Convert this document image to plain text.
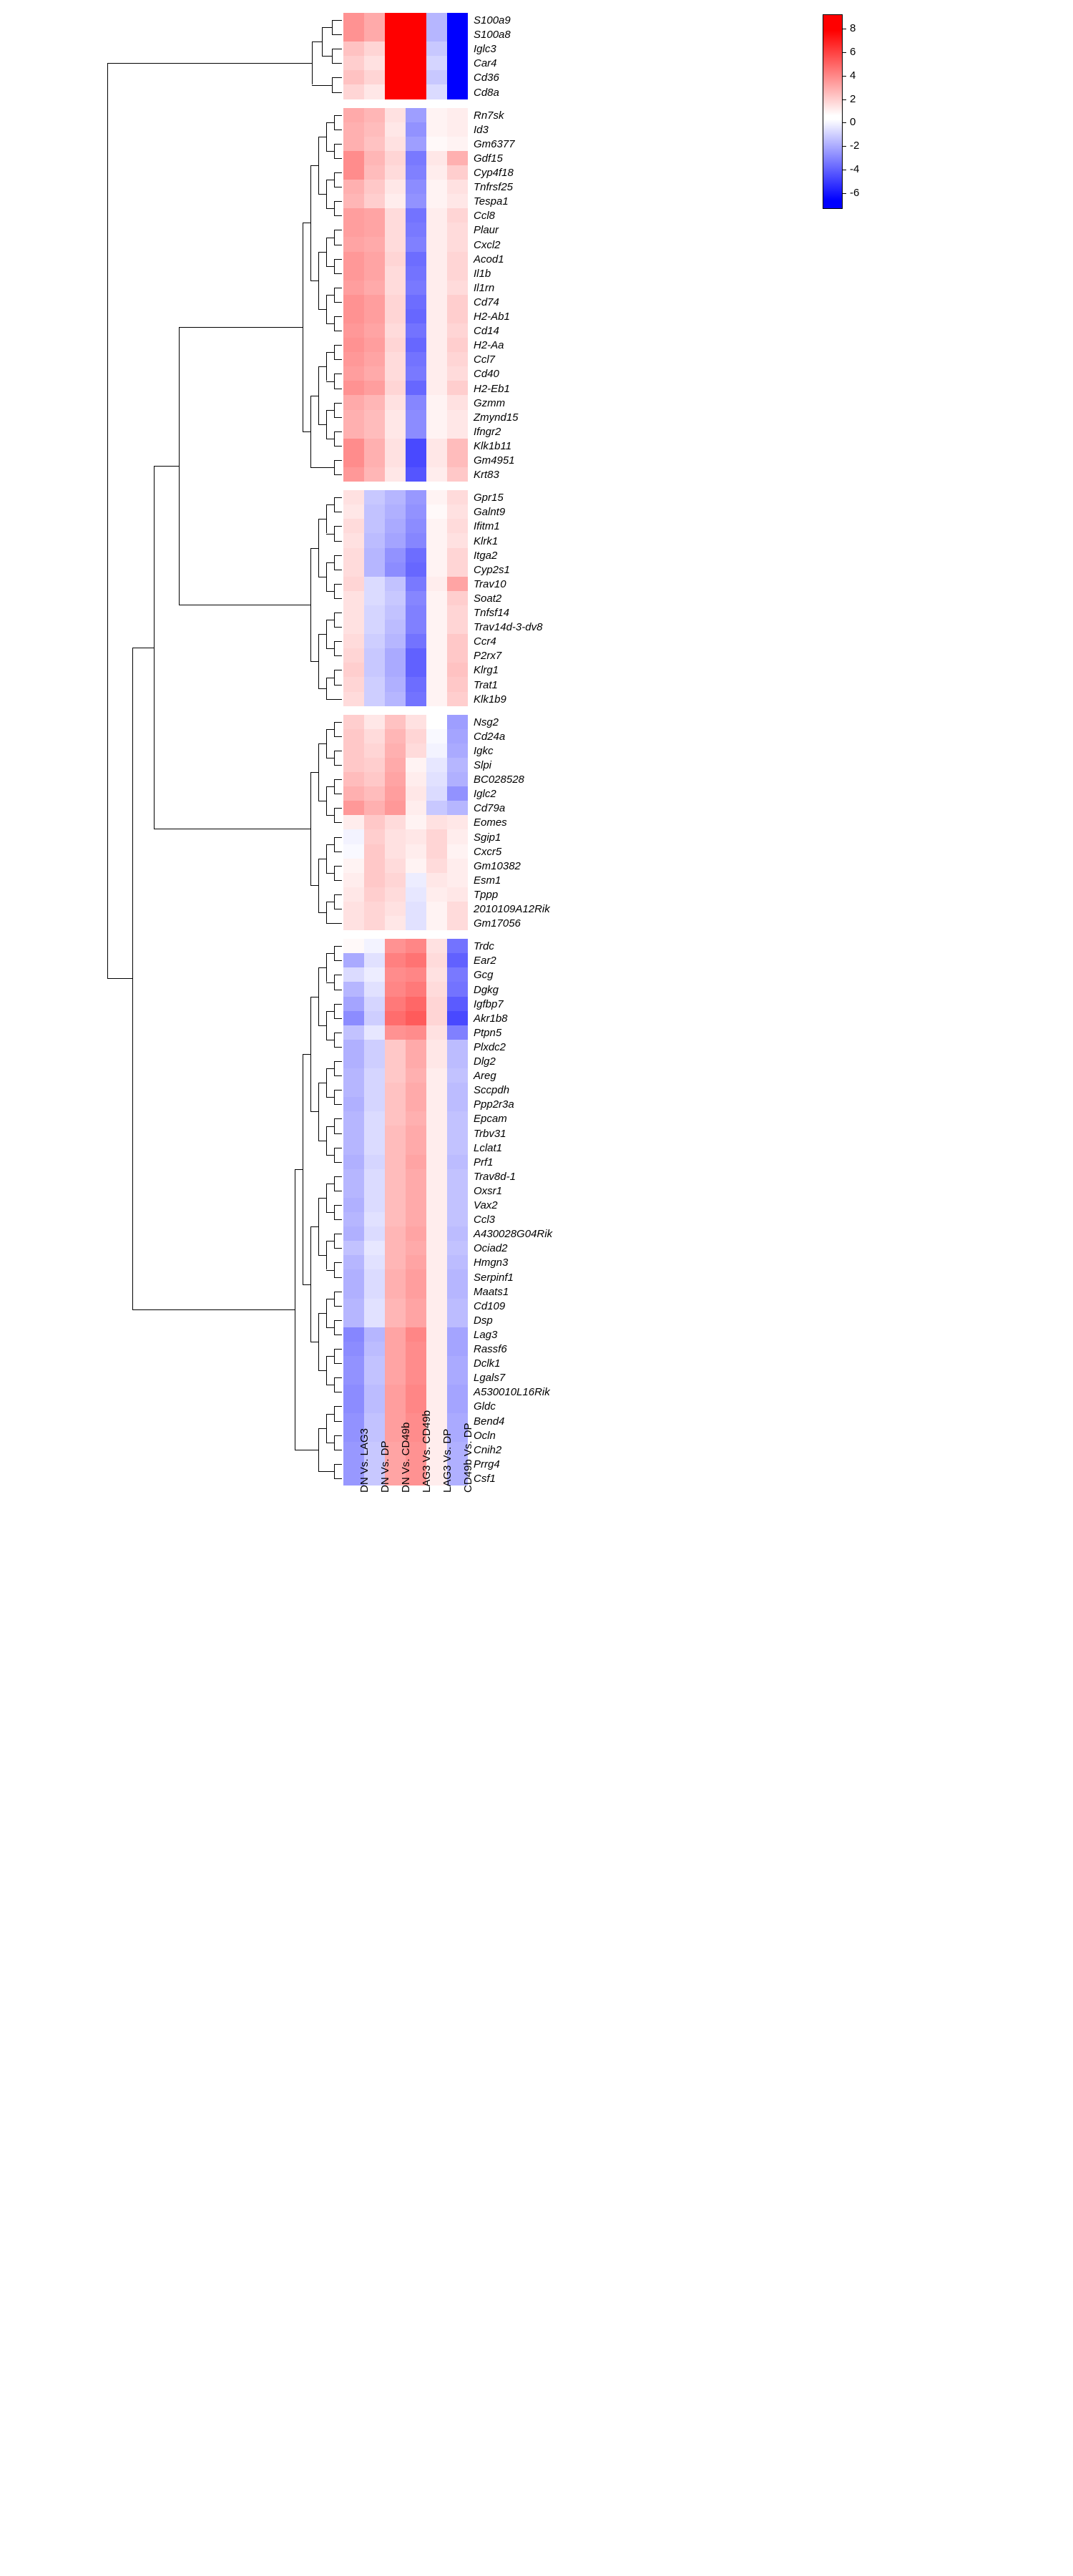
S100a9
S100a8
Iglc3
Car4
Cd36
Cd8a
Rn7sk
Id3
Gm6377
Gdf15
Cyp4f18
Tnfrsf25
Tespa1
Ccl8
Plaur
Cxcl2
Acod1
Il1b
Il1rn
Cd74
H2-Ab1
Cd14
H2-Aa
Ccl7
Cd40
H2-Eb1
Gzmm
Zmynd15
Ifngr2
Klk1b11
Gm4951
Krt83
Gpr15
Galnt9
Ifitm1
Klrk1
Itga2
Cyp2s1
Trav10
Soat2
Tnfsf14
Trav14d-3-dv8
Ccr4
P2rx7
Klrg1
Trat1
Klk1b9
Nsg2
Cd24a
Igkc
Slpi
BC028528
Iglc2
Cd79a
Eomes
Sgip1
Cxcr5
Gm10382
Esm1
Tppp
2010109A12Rik
Gm17056
Trdc
Ear2
Gcg
Dgkg
Igfbp7
Akr1b8
Ptpn5
Plxdc2
Dlg2
Areg
Sccpdh
Ppp2r3a
Epcam
Trbv31
Lclat1
Prf1
Trav8d-1
Oxsr1
Vax2
Ccl3
A430028G04Rik
Ociad2
Hmgn3
Serpinf1
Maats1
Cd109
Dsp
Lag3
Rassf6
Dclk1
Lgals7
A530010L16Rik
Gldc
Bend4
Ocln
Cnih2
Prrg4
Csf1
DN Vs. LAG3 DN Vs. DP DN Vs. CD49b LAG3 Vs. CD49b LAG3 Vs. DP CD49b Vs. DP
8
6
4
2
0
-2
-4
-6
